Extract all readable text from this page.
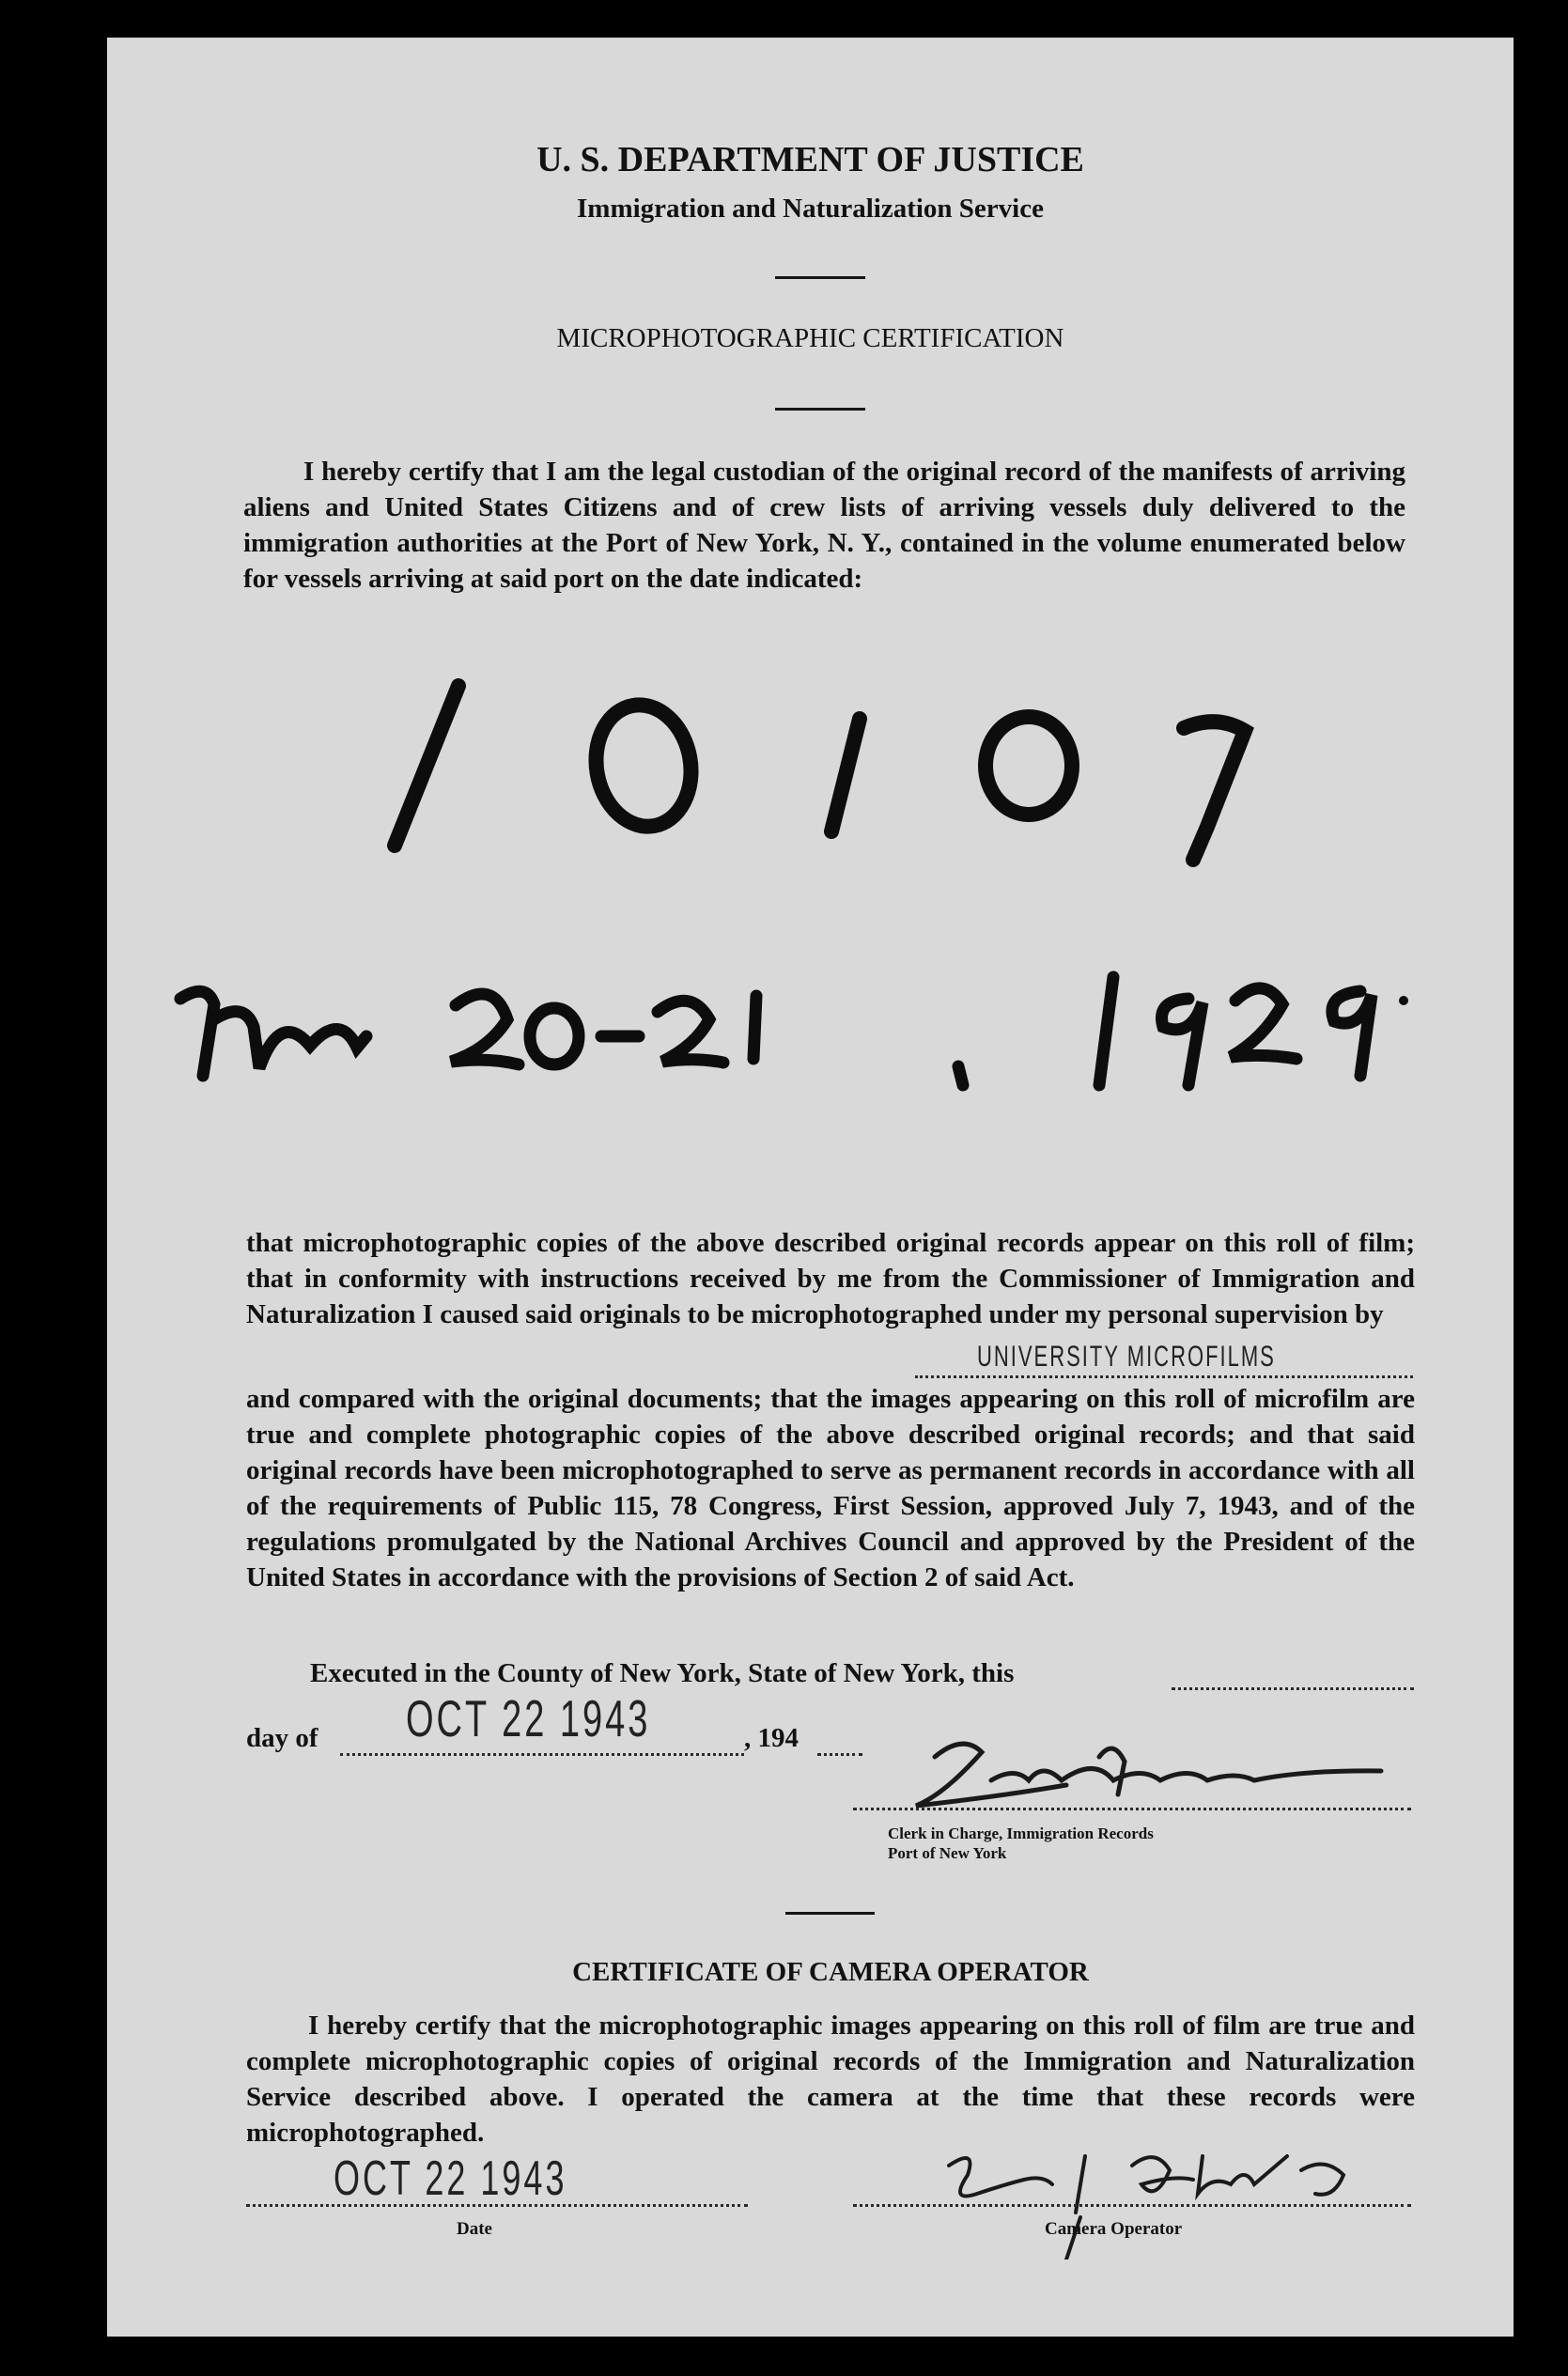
U. S. DEPARTMENT OF JUSTICE
Immigration and Naturalization Service
MICROPHOTOGRAPHIC CERTIFICATION

I hereby certify that I am the legal custodian of the original record of the manifests of arriving aliens and United States Citizens and of crew lists of arriving vessels duly delivered to the immigration authorities at the Port of New York, N. Y., contained in the volume enumerated below for vessels arriving at said port on the date indicated:

that microphotographic copies of the above described original records appear on this roll of film; that in conformity with instructions received by me from the Commissioner of Immigration and Naturalization I caused said originals to be microphotographed under my personal supervision by

UNIVERSITY MICROFILMS

and compared with the original documents; that the images appearing on this roll of microfilm are true and complete photographic copies of the above described original records; and that said original records have been microphotographed to serve as permanent records in accordance with all of the requirements of Public 115, 78 Congress, First Session, approved July 7, 1943, and of the regulations promulgated by the National Archives Council and approved by the President of the United States in accordance with the provisions of Section 2 of said Act.

Executed in the County of New York, State of New York, this
day of OCT 22 1943	, 194
Clerk in Charge, Immigration Records
Port of New York
CERTIFICATE OF CAMERA OPERATOR

I hereby certify that the microphotographic images appearing on this roll of film are true and complete microphotographic copies of original records of the Immigration and Naturalization Service described above. I operated the camera at the time that these records were microphotographed.

OCT 22 1943
Date	Camera Operator
